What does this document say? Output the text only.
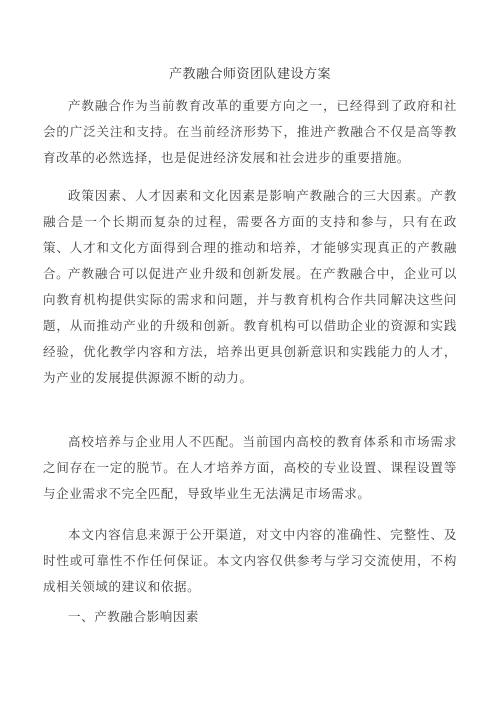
产教融合师资团队建设方案

产教融合作为当前教育改革的重要方向之一，已经得到了政府和社会的广泛关注和支持。在当前经济形势下，推进产教融合不仅是高等教育改革的必然选择，也是促进经济发展和社会进步的重要措施。

政策因素、人才因素和文化因素是影响产教融合的三大因素。产教融合是一个长期而复杂的过程，需要各方面的支持和参与，只有在政策、人才和文化方面得到合理的推动和培养，才能够实现真正的产教融合。

产教融合可以促进产业升级和创新发展。在产教融合中，企业可以向教育机构提供实际的需求和问题，并与教育机构合作共同解决这些问题，从而推动产业的升级和创新。教育机构可以借助企业的资源和实践经验，优化教学内容和方法，培养出更具创新意识和实践能力的人才，为产业的发展提供源源不断的动力。

高校培养与企业用人不匹配。当前国内高校的教育体系和市场需求之间存在一定的脱节。在人才培养方面，高校的专业设置、课程设置等与企业需求不完全匹配，导致毕业生无法满足市场需求。

本文内容信息来源于公开渠道，对文中内容的准确性、完整性、及时性或可靠性不作任何保证。本文内容仅供参考与学习交流使用，不构成相关领域的建议和依据。

一、产教融合影响因素
